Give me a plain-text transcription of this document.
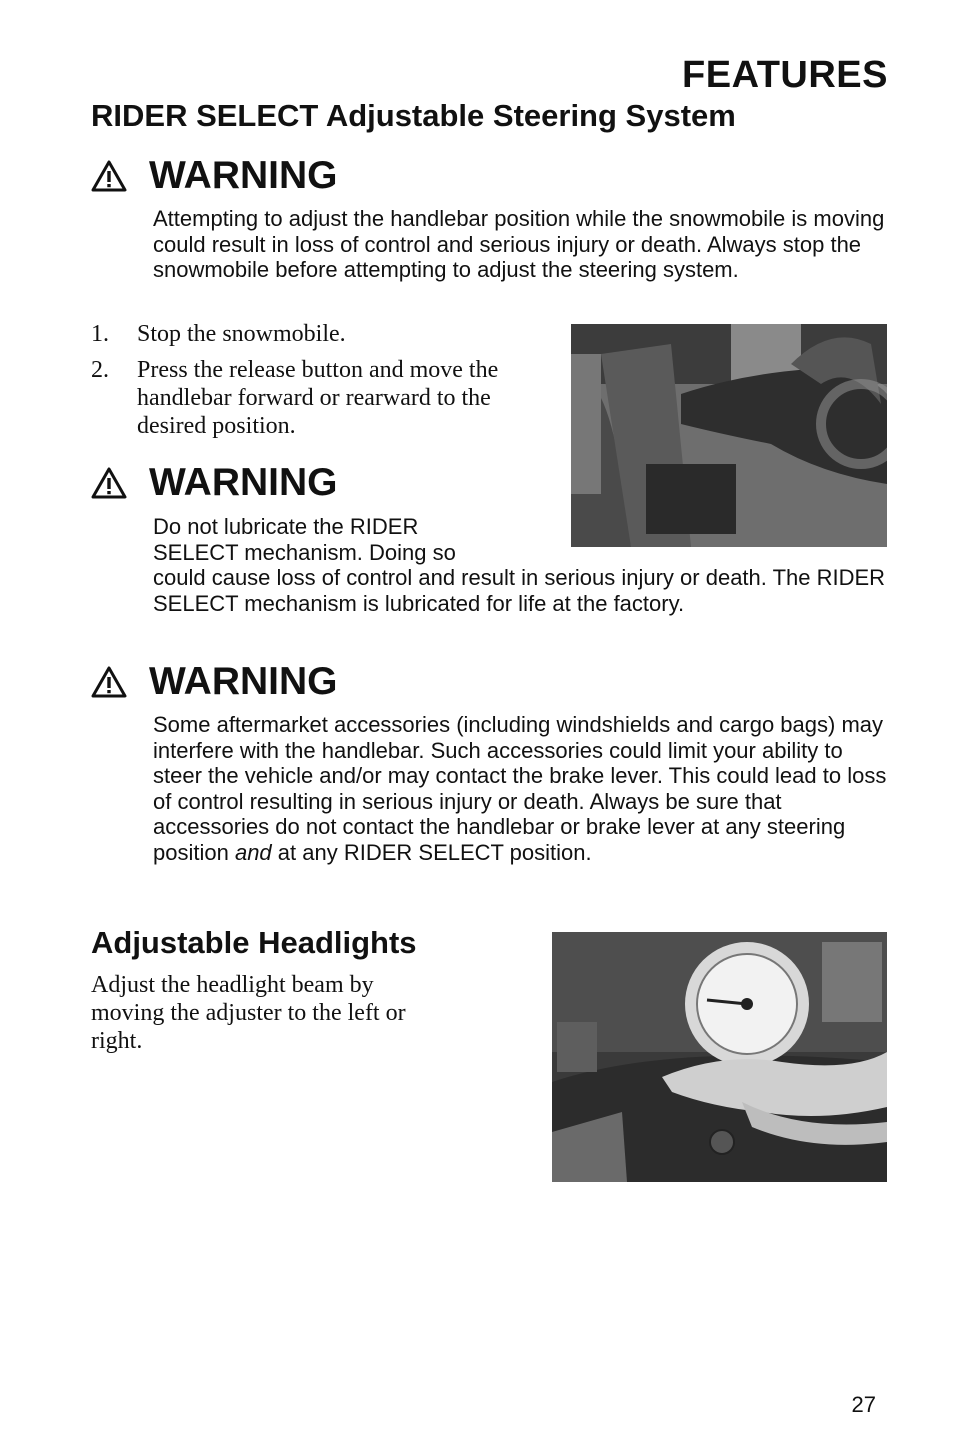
FEATURES
RIDER SELECT Adjustable Steering System
WARNING
Attempting to adjust the handlebar position while the snowmobile is moving could result in loss of control and serious injury or death. Always stop the snowmobile before attempting to adjust the steering system.
1.	Stop the snowmobile.
2.	Press the release button and move the handlebar forward or rearward to the desired position.
WARNING
Do not lubricate the RIDER SELECT mechanism. Doing so
could cause loss of control and result in serious injury or death. The RIDER SELECT mechanism is lubricated for life at the factory.
WARNING
Some aftermarket accessories (including windshields and cargo bags) may interfere with the handlebar. Such accessories could limit your ability to steer the vehicle and/or may contact the brake lever. This could lead to loss of control resulting in serious injury or death. Always be sure that accessories do not contact the handlebar or brake lever at any steering position and at any RIDER SELECT position.
Adjustable Headlights
Adjust the headlight beam by moving the adjuster to the left or right.
27
